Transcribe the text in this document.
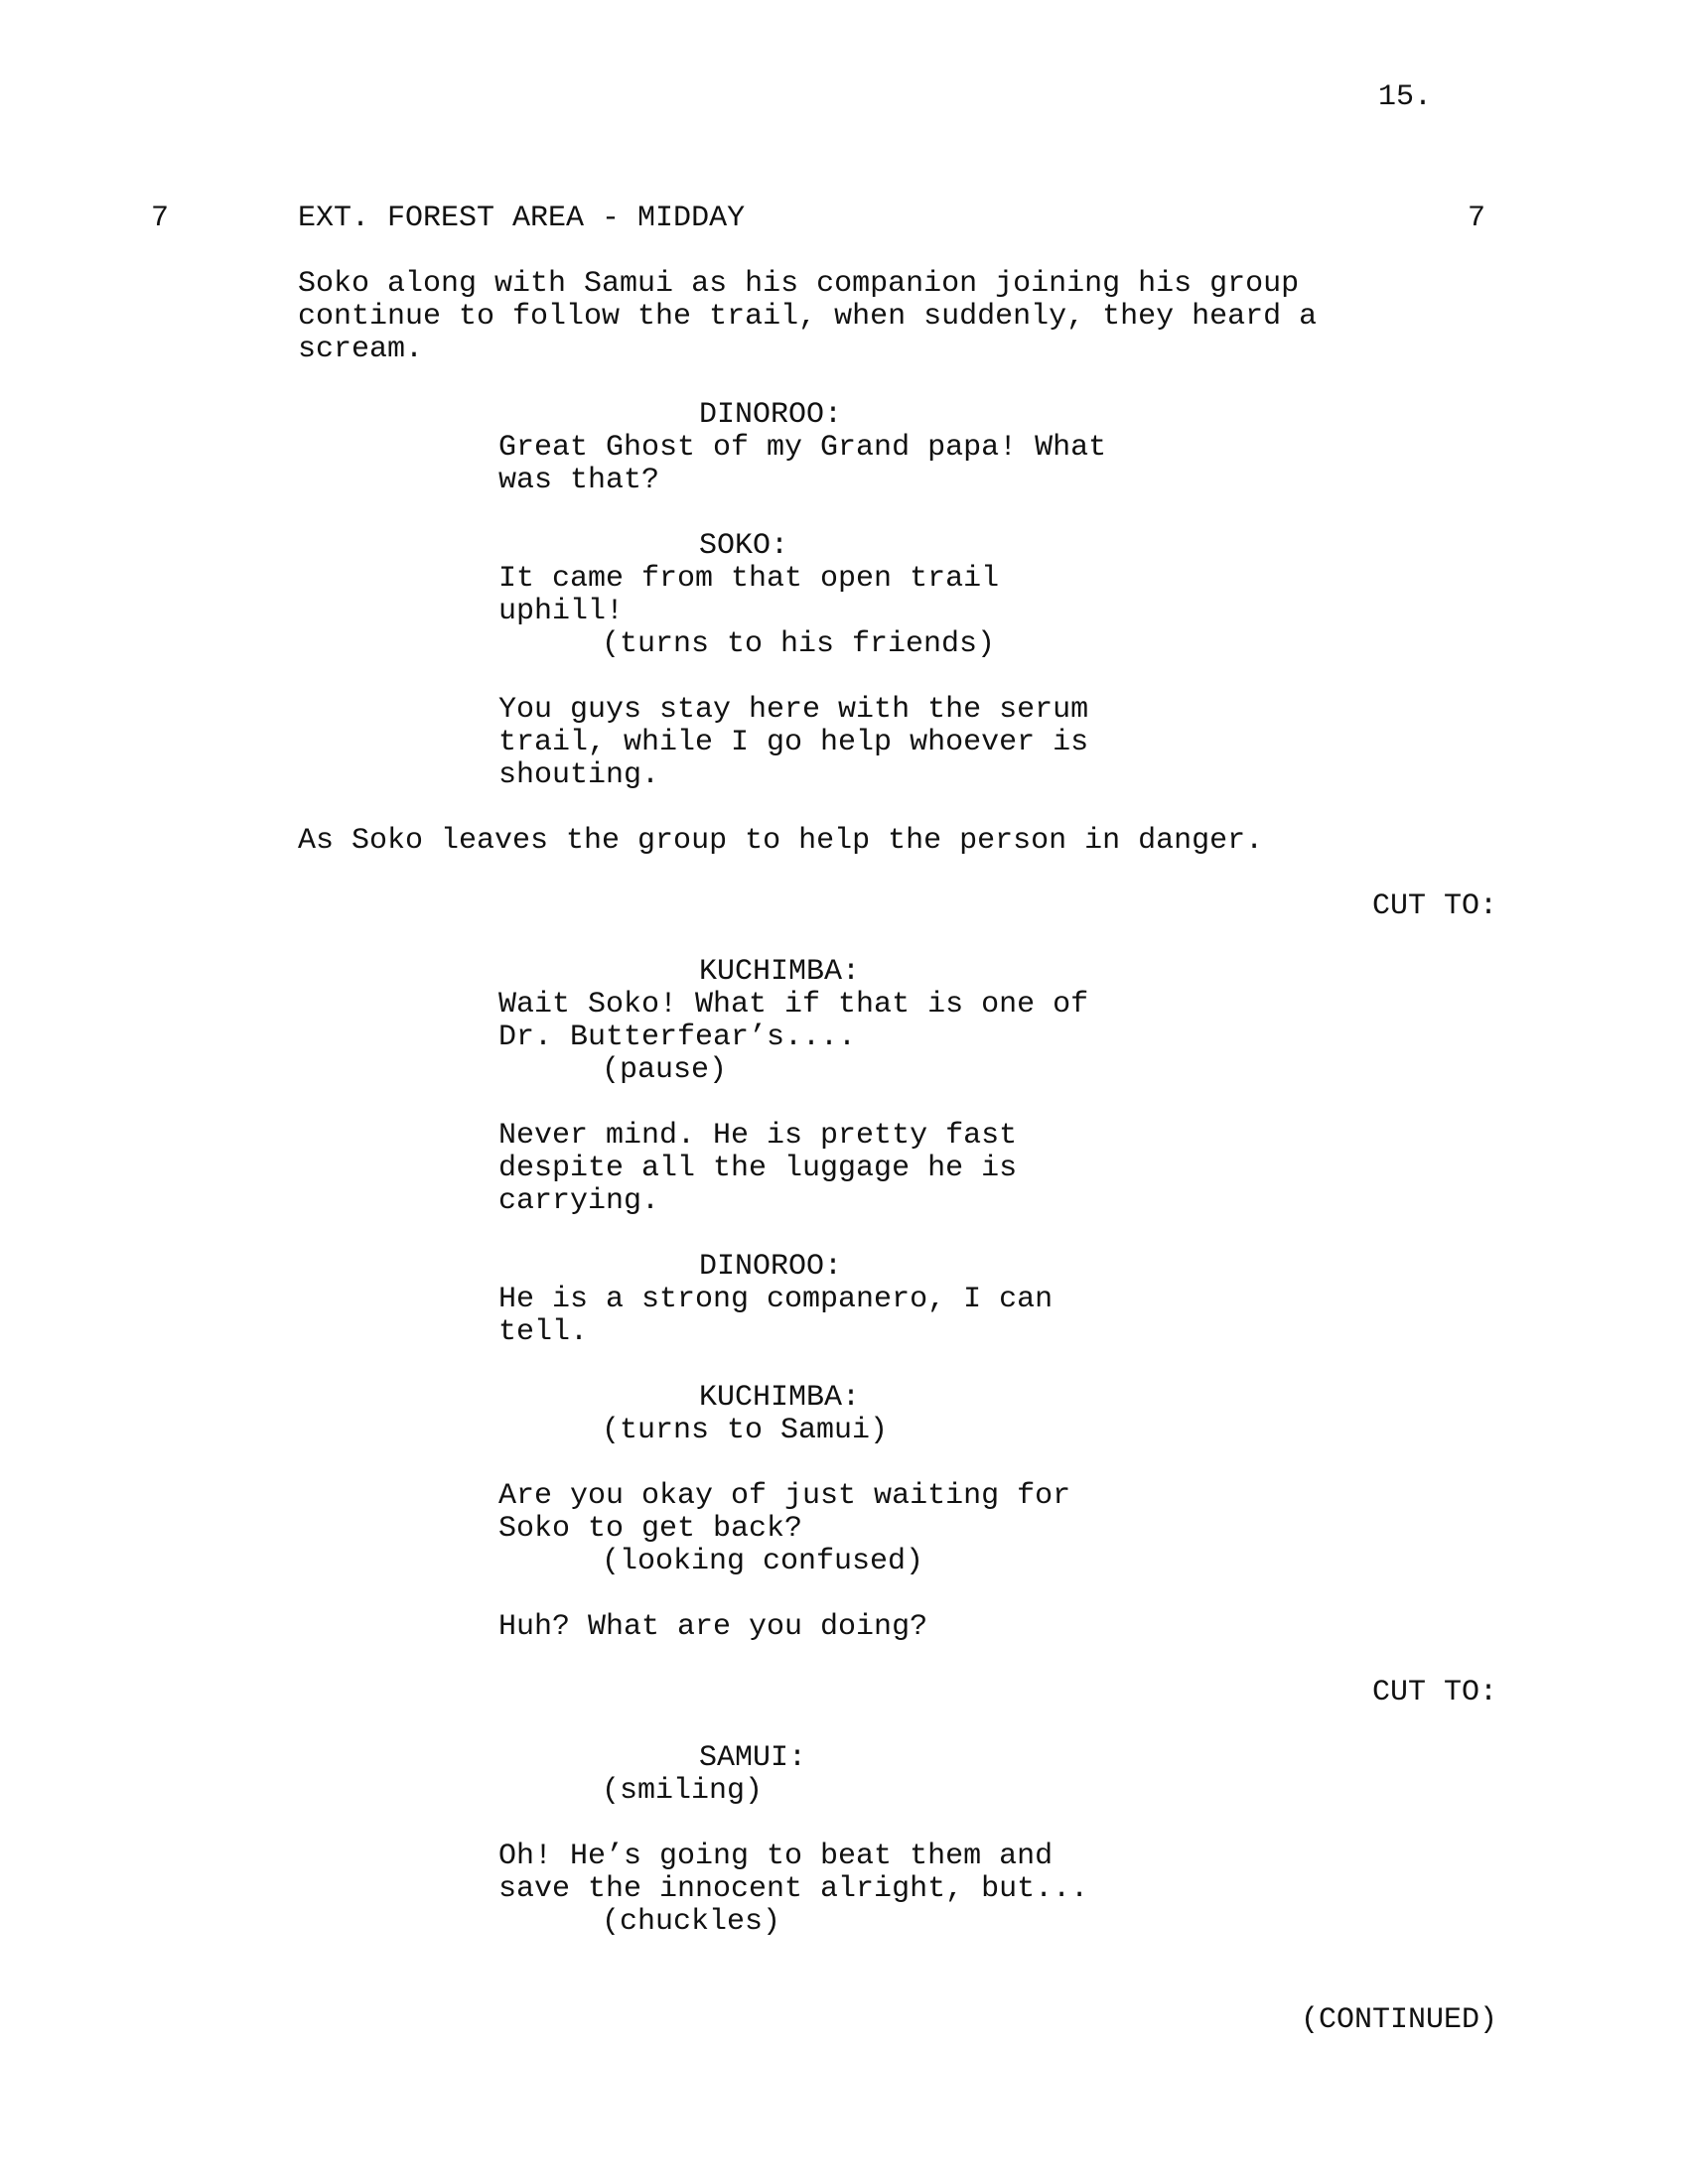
15.

7	EXT. FOREST AREA - MIDDAY	7

Soko along with Samui as his companion joining his group

continue to follow the trail, when suddenly, they heard a

scream.

DINOROO:

Great Ghost of my Grand papa! What

was that?

SOKO:

It came from that open trail

uphill!

(turns to his friends)

You guys stay here with the serum

trail, while I go help whoever is

shouting.

As Soko leaves the group to help the person in danger.

CUT TO:

KUCHIMBA:

Wait Soko! What if that is one of

Dr. Butterfear’s....

(pause)

Never mind. He is pretty fast

despite all the luggage he is

carrying.

DINOROO:

He is a strong companero, I can

tell.

KUCHIMBA:

(turns to Samui)

Are you okay of just waiting for

Soko to get back?

(looking confused)

Huh? What are you doing?

CUT TO:

SAMUI:

(smiling)

Oh! He’s going to beat them and

save the innocent alright, but...

(chuckles)

(CONTINUED)
